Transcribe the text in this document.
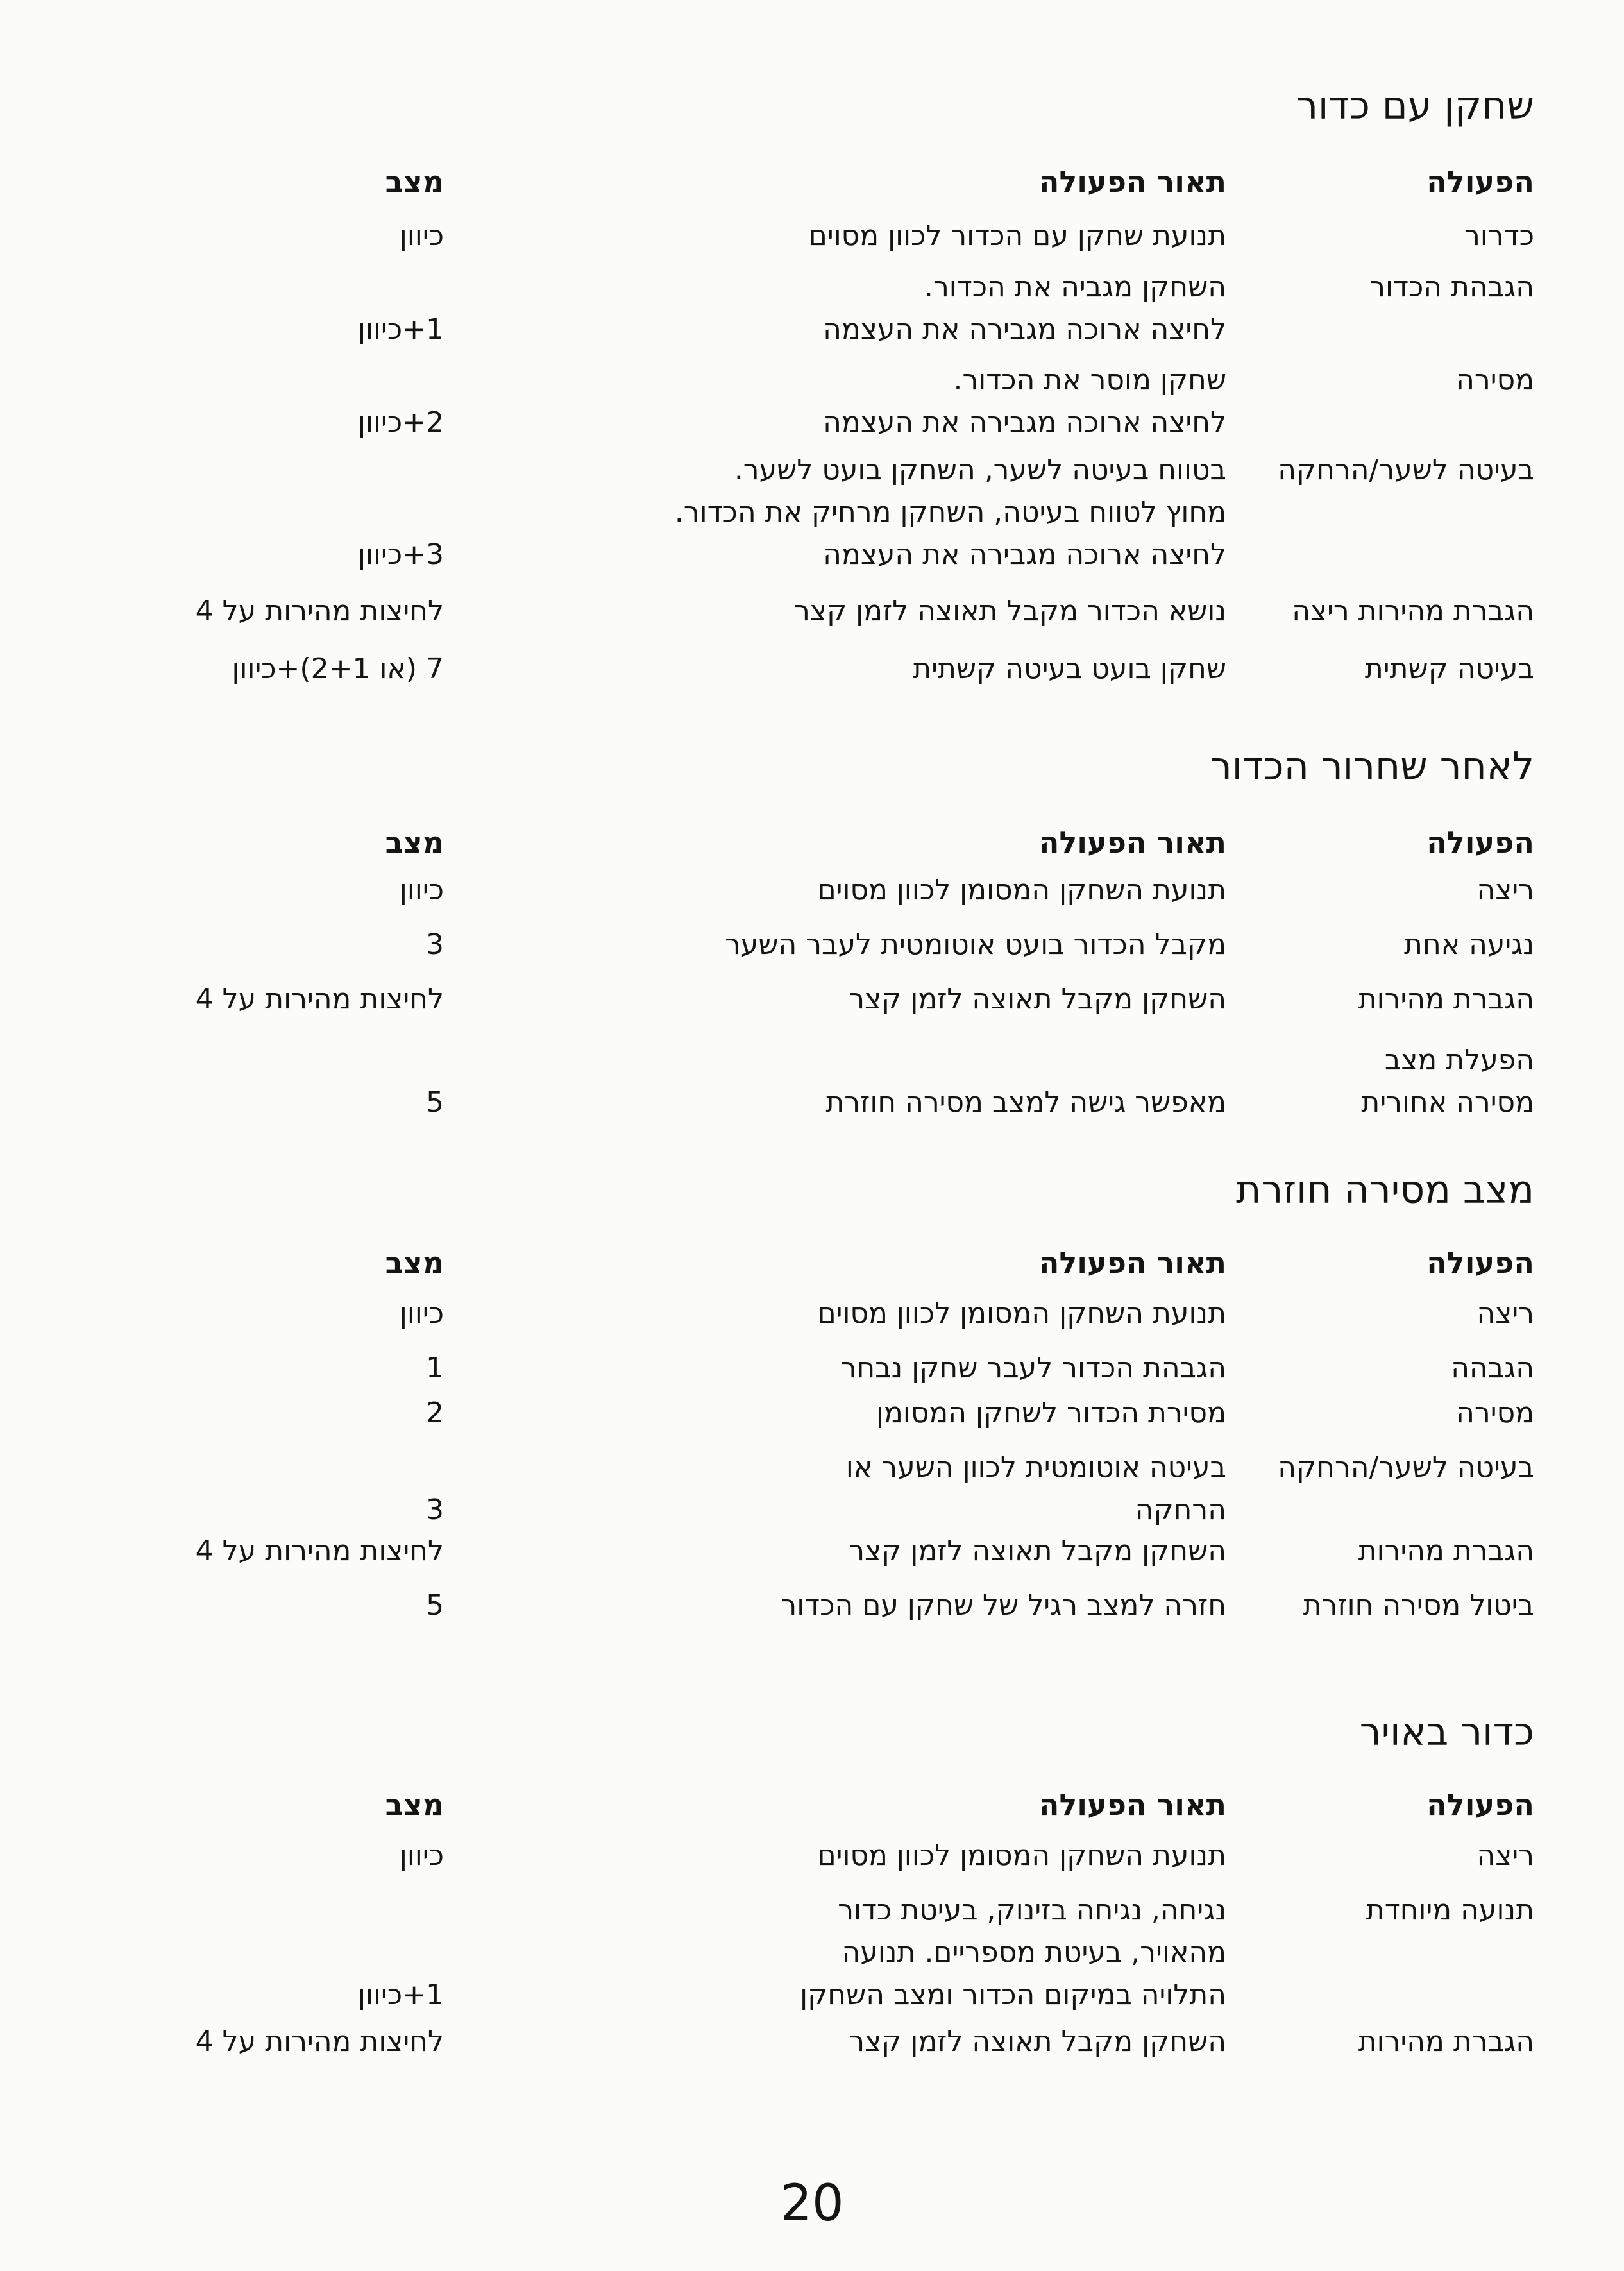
שחקן עם כדור
הפעולה
תאור הפעולה
מצב
כדרור
תנועת שחקן עם הכדור לכוון מסוים
כיוון
הגבהת הכדור
השחקן מגביה את הכדור.
לחיצה ארוכה מגבירה את העצמה

1+כיוון
מסירה
שחקן מוסר את הכדור.
לחיצה ארוכה מגבירה את העצמה

2+כיוון
בעיטה לשער/הרחקה
בטווח בעיטה לשער, השחקן בועט לשער.
מחוץ לטווח בעיטה, השחקן מרחיק את הכדור.
לחיצה ארוכה מגבירה את העצמה

3+כיוון
הגברת מהירות ריצה
נושא הכדור מקבל תאוצה לזמן קצר
לחיצות מהירות על 4
בעיטה קשתית
שחקן בועט בעיטה קשתית
7 (או 2+1)+כיוון
לאחר שחרור הכדור
הפעולה
תאור הפעולה
מצב
ריצה
תנועת השחקן המסומן לכוון מסוים
כיוון
נגיעה אחת
מקבל הכדור בועט אוטומטית לעבר השער
3
הגברת מהירות
השחקן מקבל תאוצה לזמן קצר
לחיצות מהירות על 4
הפעלת מצב
מסירה אחורית

מאפשר גישה למצב מסירה חוזרת

5
מצב מסירה חוזרת
הפעולה
תאור הפעולה
מצב
ריצה
תנועת השחקן המסומן לכוון מסוים
כיוון
הגבהה
הגבהת הכדור לעבר שחקן נבחר
1
מסירה
מסירת הכדור לשחקן המסומן
2
בעיטה לשער/הרחקה
בעיטה אוטומטית לכוון השער או
הרחקה

3
הגברת מהירות
השחקן מקבל תאוצה לזמן קצר
לחיצות מהירות על 4
ביטול מסירה חוזרת
חזרה למצב רגיל של שחקן עם הכדור
5
כדור באויר
הפעולה
תאור הפעולה
מצב
ריצה
תנועת השחקן המסומן לכוון מסוים
כיוון
תנועה מיוחדת
נגיחה, נגיחה בזינוק, בעיטת כדור
מהאויר, בעיטת מספריים. תנועה
התלויה במיקום הכדור ומצב השחקן

1+כיוון
הגברת מהירות
השחקן מקבל תאוצה לזמן קצר
לחיצות מהירות על 4
20
